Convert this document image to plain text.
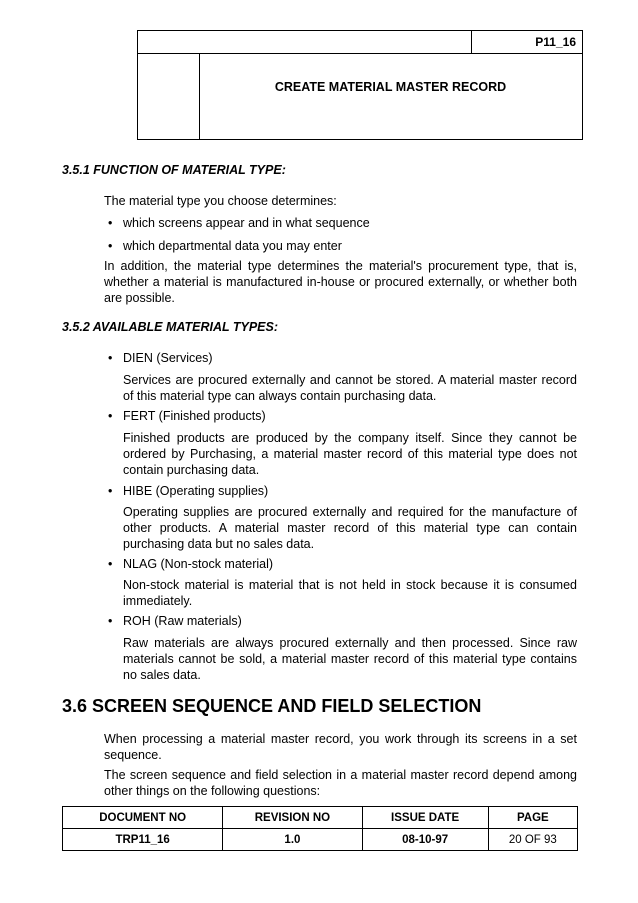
P11_16
CREATE MATERIAL MASTER RECORD
3.5.1 FUNCTION OF MATERIAL TYPE:

The material type you choose determines:

• which screens appear and in what sequence
• which departmental data you may enter

In addition, the material type determines the material's procurement type, that is, whether a material is manufactured in-house or procured externally, or whether both are possible.

3.5.2 AVAILABLE MATERIAL TYPES:
• DIEN (Services)

Services are procured externally and cannot be stored. A material master record of this material type can always contain purchasing data.

• FERT (Finished products)

Finished products are produced by the company itself. Since they cannot be ordered by Purchasing, a material master record of this material type does not contain purchasing data.

• HIBE (Operating supplies)

Operating supplies are procured externally and required for the manufacture of other products. A material master record of this material type can contain purchasing data but no sales data.

• NLAG (Non-stock material)

Non-stock material is material that is not held in stock because it is consumed immediately.

• ROH (Raw materials)

Raw materials are always procured externally and then processed. Since raw materials cannot be sold, a material master record of this material type contains no sales data.

3.6 SCREEN SEQUENCE AND FIELD SELECTION

When processing a material master record, you work through its screens in a set sequence.

The screen sequence and field selection in a material master record depend among other things on the following questions:

DOCUMENT NO	REVISION NO	ISSUE DATE	PAGE
TRP11_16	1.0	08-10-97	20 OF 93
